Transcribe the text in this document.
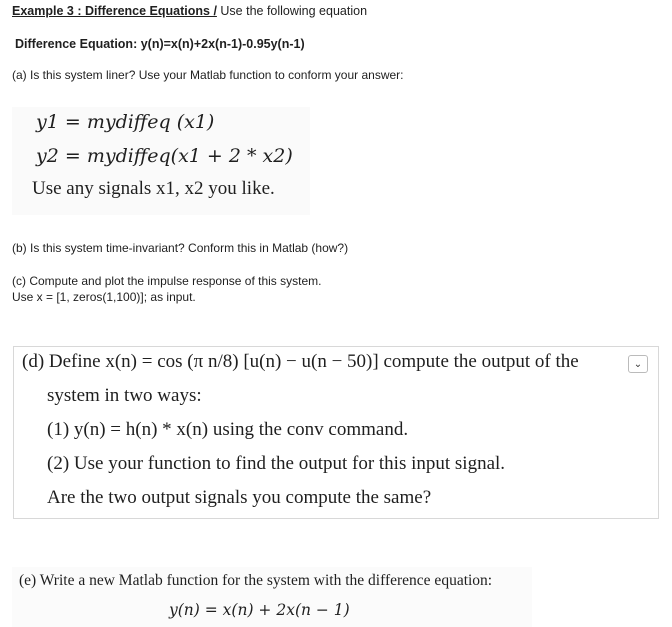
Example 3 : Difference Equations / Use the following equation
Difference Equation: y(n)=x(n)+2x(n-1)-0.95y(n-1)
(a) Is this system liner? Use your Matlab function to conform your answer:
y1 = mydiffeq (x1)
y2 = mydiffeq(x1 + 2 * x2)
Use any signals x1, x2 you like.
(b) Is this system time-invariant? Conform this in Matlab (how?)
(c) Compute and plot the impulse response of this system.
Use x = [1, zeros(1,100)]; as input.
(d) Define x(n) = cos (π n/8) [u(n) − u(n − 50)] compute the output of the	⌄
system in two ways:
(1) y(n) = h(n) * x(n) using the conv command.
(2) Use your function to find the output for this input signal.
Are the two output signals you compute the same?
(e) Write a new Matlab function for the system with the difference equation:
y(n) = x(n) + 2x(n − 1)
